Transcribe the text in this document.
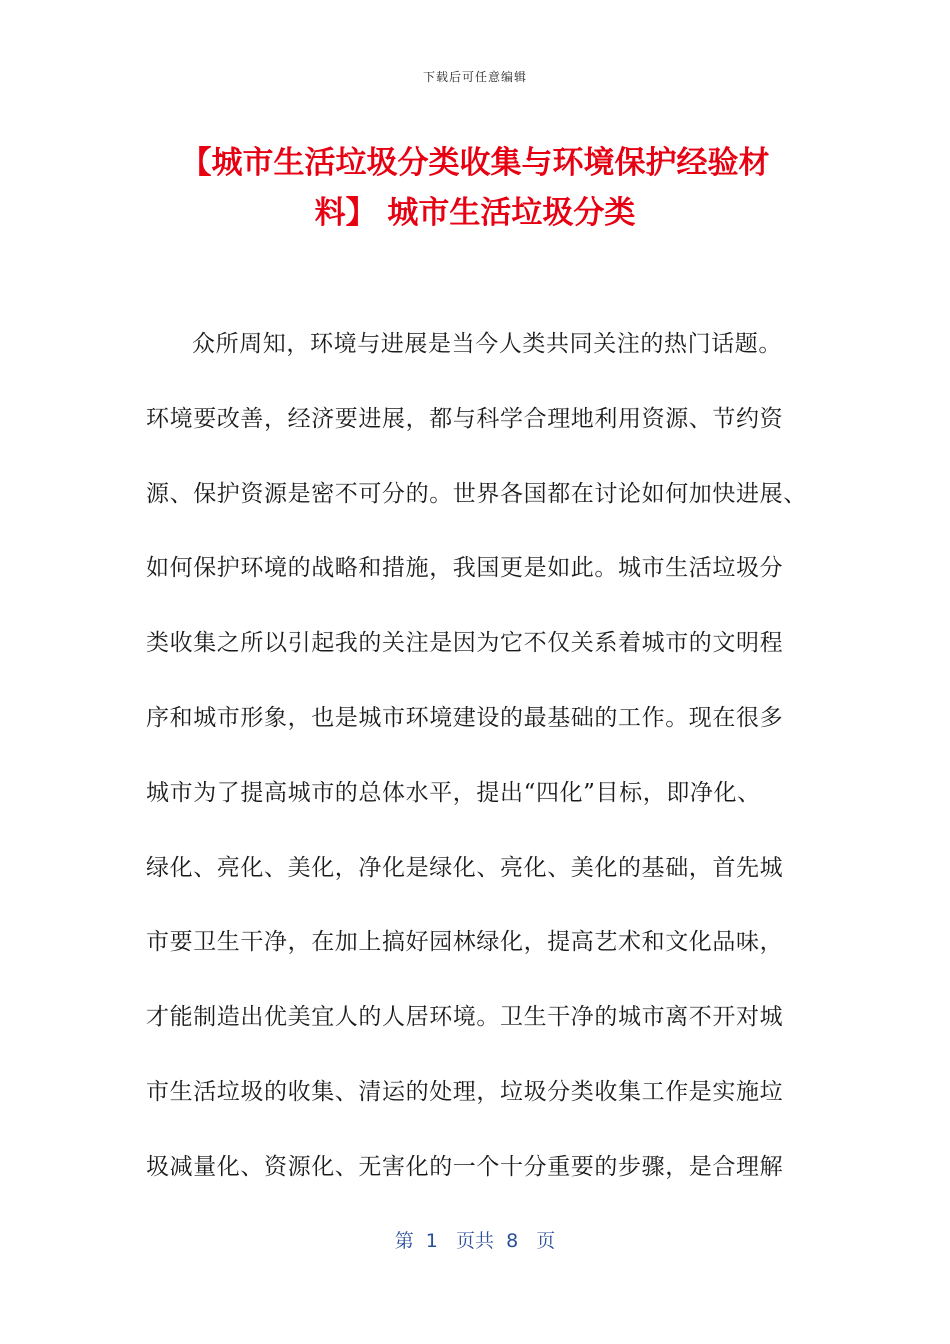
下载后可任意编辑
【城市生活垃圾分类收集与环境保护经验材
料】 城市生活垃圾分类
众所周知，环境与进展是当今人类共同关注的热门话题。
环境要改善，经济要进展，都与科学合理地利用资源、节约资
源、保护资源是密不可分的。世界各国都在讨论如何加快进展、
如何保护环境的战略和措施，我国更是如此。城市生活垃圾分
类收集之所以引起我的关注是因为它不仅关系着城市的文明程
序和城市形象，也是城市环境建设的最基础的工作。现在很多
城市为了提高城市的总体水平，提出“四化”目标，即净化、
绿化、亮化、美化，净化是绿化、亮化、美化的基础，首先城
市要卫生干净，在加上搞好园林绿化，提高艺术和文化品味，
才能制造出优美宜人的人居环境。卫生干净的城市离不开对城
市生活垃圾的收集、清运的处理，垃圾分类收集工作是实施垃
圾减量化、资源化、无害化的一个十分重要的步骤，是合理解
第  1   页共  8   页
